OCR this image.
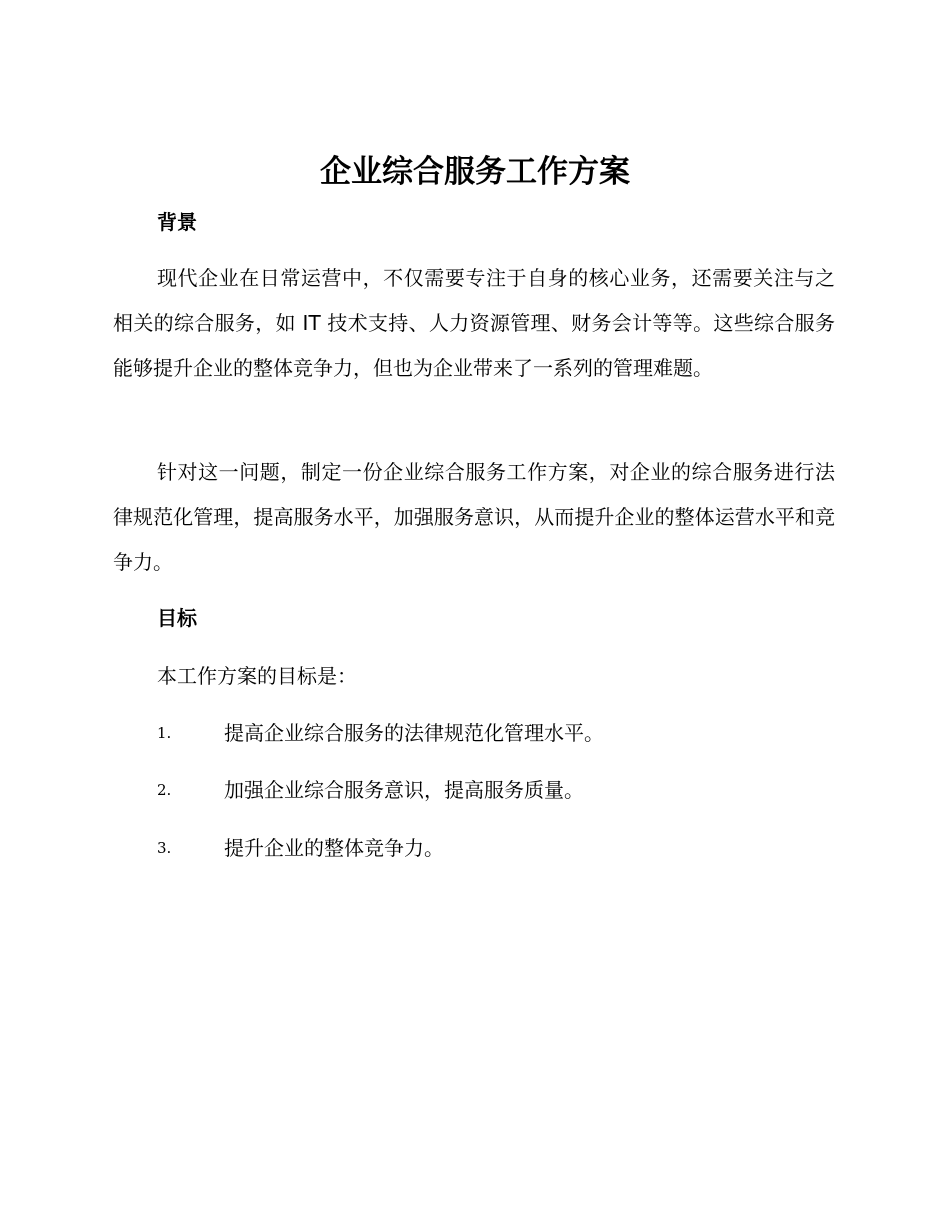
企业综合服务工作方案
背景

现代企业在日常运营中，不仅需要专注于自身的核心业务，还需要关注与之相关的综合服务，如 IT 技术支持、人力资源管理、财务会计等等。这些综合服务能够提升企业的整体竞争力，但也为企业带来了一系列的管理难题。

针对这一问题，制定一份企业综合服务工作方案，对企业的综合服务进行法律规范化管理，提高服务水平，加强服务意识，从而提升企业的整体运营水平和竞争力。

目标

本工作方案的目标是：

1.	提高企业综合服务的法律规范化管理水平。
2.	加强企业综合服务意识，提高服务质量。
3.	提升企业的整体竞争力。
